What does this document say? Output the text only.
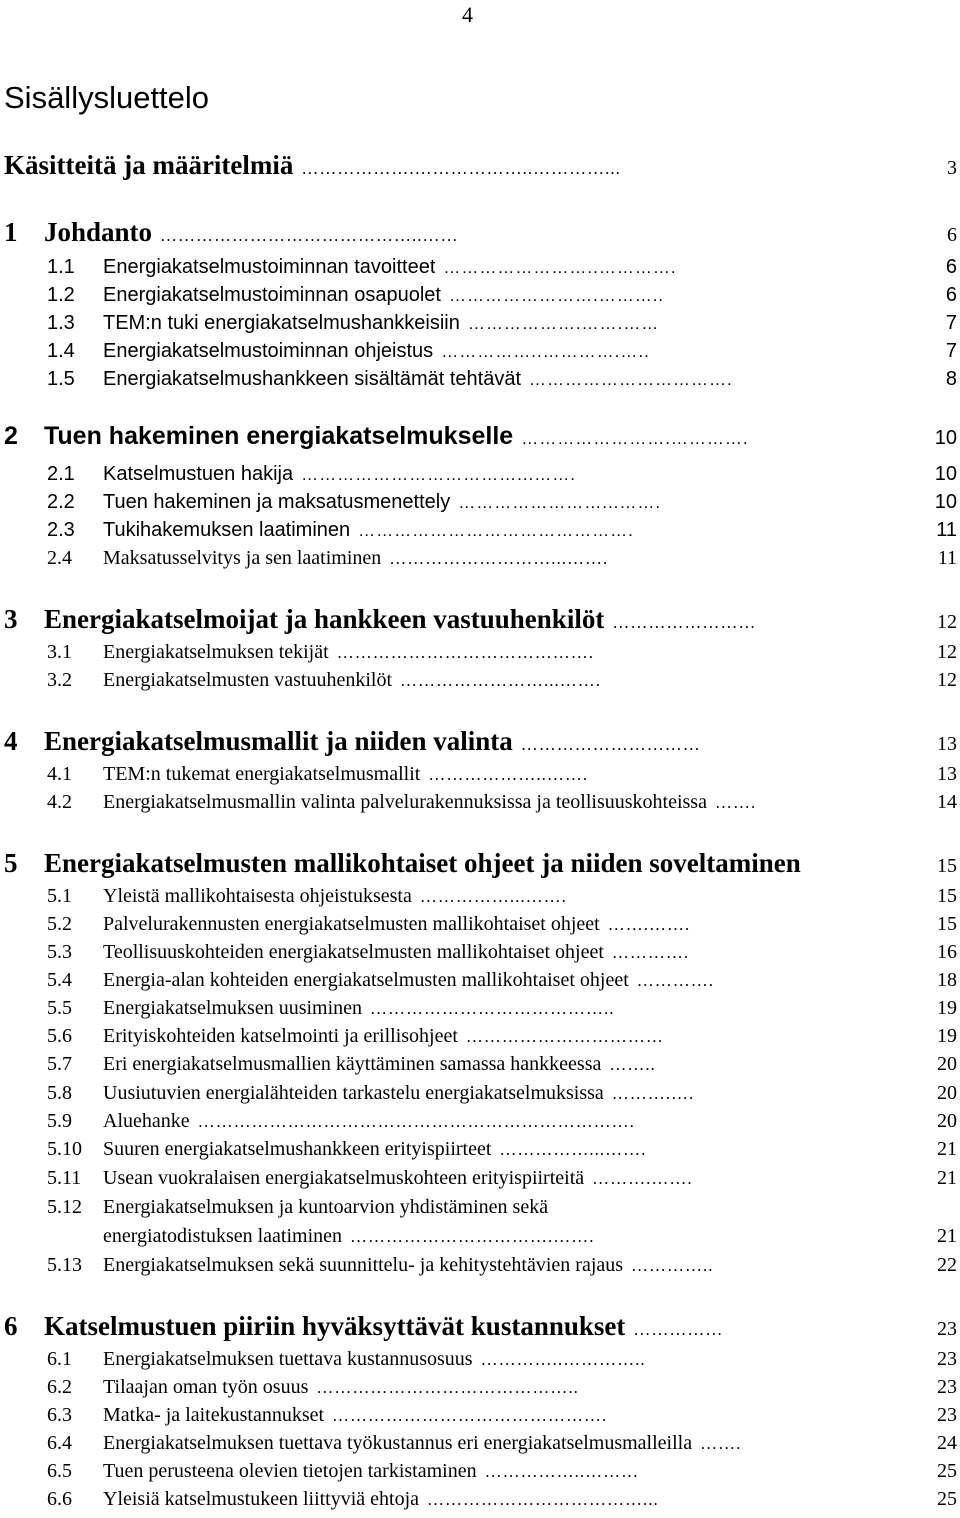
4
Sisällysluettelo
Käsitteitä ja määritelmiä ……………….………………..…………...	3
1 Johdanto ……………………………………..……	6
1.1	Energiakatselmustoiminnan tavoitteet ……………………..………….	6
1.2	Energiakatselmustoiminnan osapuolet …………………….………..	6
1.3	TEM:n tuki energiakatselmushankkeisiin ……………….…….……	7
1.4	Energiakatselmustoiminnan ohjeistus ……………..………….…..	7
1.5	Energiakatselmushankkeen sisältämät tehtävät …………………………….	8
2	Tuen hakeminen energiakatselmukselle …………………….………….	10
2.1	Katselmustuen hakija ………………………………...…….	10
2.2	Tuen hakeminen ja maksatusmenettely ……………………...…….	10
2.3	Tukihakemuksen laatiminen ……………………………………….	11
2.4	Maksatusselvitys ja sen laatiminen ………………………...…….	11
3 Energiakatselmoijat ja hankkeen vastuuhenkilöt ……………………	12
3.1	Energiakatselmuksen tekijät …………………………………….	12
3.2	Energiakatselmusten vastuuhenkilöt ……………………...…….	12
4 Energiakatselmusmallit ja niiden valinta …………………………	13
4.1	TEM:n tukemat energiakatselmusmallit ………………..…….	13
4.2	Energiakatselmusmallin valinta palvelurakennuksissa ja teollisuuskohteissa …….	14
5 Energiakatselmusten mallikohtaiset ohjeet ja niiden soveltaminen	15
5.1	Yleistä mallikohtaisesta ohjeistuksesta ……………...…….	15
5.2	Palvelurakennusten energiakatselmusten mallikohtaiset ohjeet …….…….	15
5.3	Teollisuuskohteiden energiakatselmusten mallikohtaiset ohjeet ………….	16
5.4	Energia-alan kohteiden energiakatselmusten mallikohtaiset ohjeet ………….	18
5.5	Energiakatselmuksen uusiminen …………………………………..	19
5.6	Erityiskohteiden katselmointi ja erillisohjeet ……………………………	19
5.7	Eri energiakatselmusmallien käyttäminen samassa hankkeessa ……..	20
5.8	Uusiutuvien energialähteiden tarkastelu energiakatselmuksissa ……….….	20
5.9	Aluehanke ……………………………………………………………….	20
5.10	Suuren energiakatselmushankkeen erityispiirteet ……………...…….	21
5.11	Usean vuokralaisen energiakatselmuskohteen erityispiirteitä ……….…….	21
5.12	Energiakatselmuksen ja kuntoarvion yhdistäminen sekä
energiatodistuksen laatiminen …………………………….…….	21
5.13	Energiakatselmuksen sekä suunnittelu- ja kehitystehtävien rajaus …………..	22
6 Katselmustuen piiriin hyväksyttävät kustannukset ……………	23
6.1	Energiakatselmuksen tuettava kustannusosuus …………..…………..	23
6.2	Tilaajan oman työn osuus ……………………………………..	23
6.3	Matka- ja laitekustannukset ……………………………………….	23
6.4	Energiakatselmuksen tuettava työkustannus eri energiakatselmusmalleilla …….	24
6.5	Tuen perusteena olevien tietojen tarkistaminen ……………..………	25
6.6	Yleisiä katselmustukeen liittyviä ehtoja ………………………………...	25
